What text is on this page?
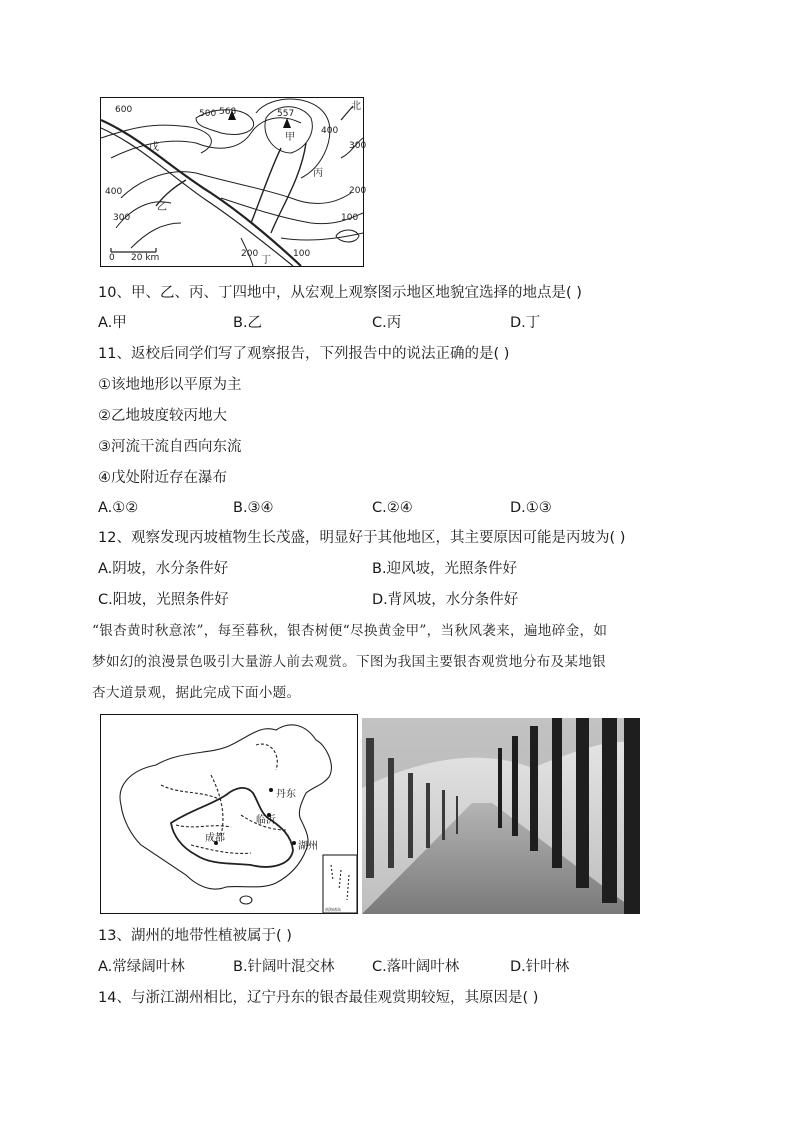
600	500 568	557
甲
北
400
300
戊
丙
200
400
300
乙
100
200
丁
100
0 20 km
10、甲、乙、丙、丁四地中，从宏观上观察图示地区地貌宜选择的地点是( )
A.甲	B.乙	C.丙	D.丁
11、返校后同学们写了观察报告，下列报告中的说法正确的是( )
①该地地形以平原为主
②乙地坡度较丙地大
③河流干流自西向东流
④戊处附近存在瀑布
A.①②	B.③④	C.②④	D.①③
12、观察发现丙坡植物生长茂盛，明显好于其他地区，其主要原因可能是丙坡为( )
A.阴坡，水分条件好	B.迎风坡，光照条件好
C.阳坡，光照条件好	D.背风坡，水分条件好
“银杏黄时秋意浓”，每至暮秋，银杏树便“尽换黄金甲”，当秋风袭来，遍地碎金，如
梦如幻的浪漫景色吸引大量游人前去观赏。下图为我国主要银杏观赏地分布及某地银
杏大道景观，据此完成下面小题。
丹东
临沂
成都
湖州
南海诸岛
13、湖州的地带性植被属于( )
A.常绿阔叶林	B.针阔叶混交林	C.落叶阔叶林	D.针叶林
14、与浙江湖州相比，辽宁丹东的银杏最佳观赏期较短，其原因是( )
